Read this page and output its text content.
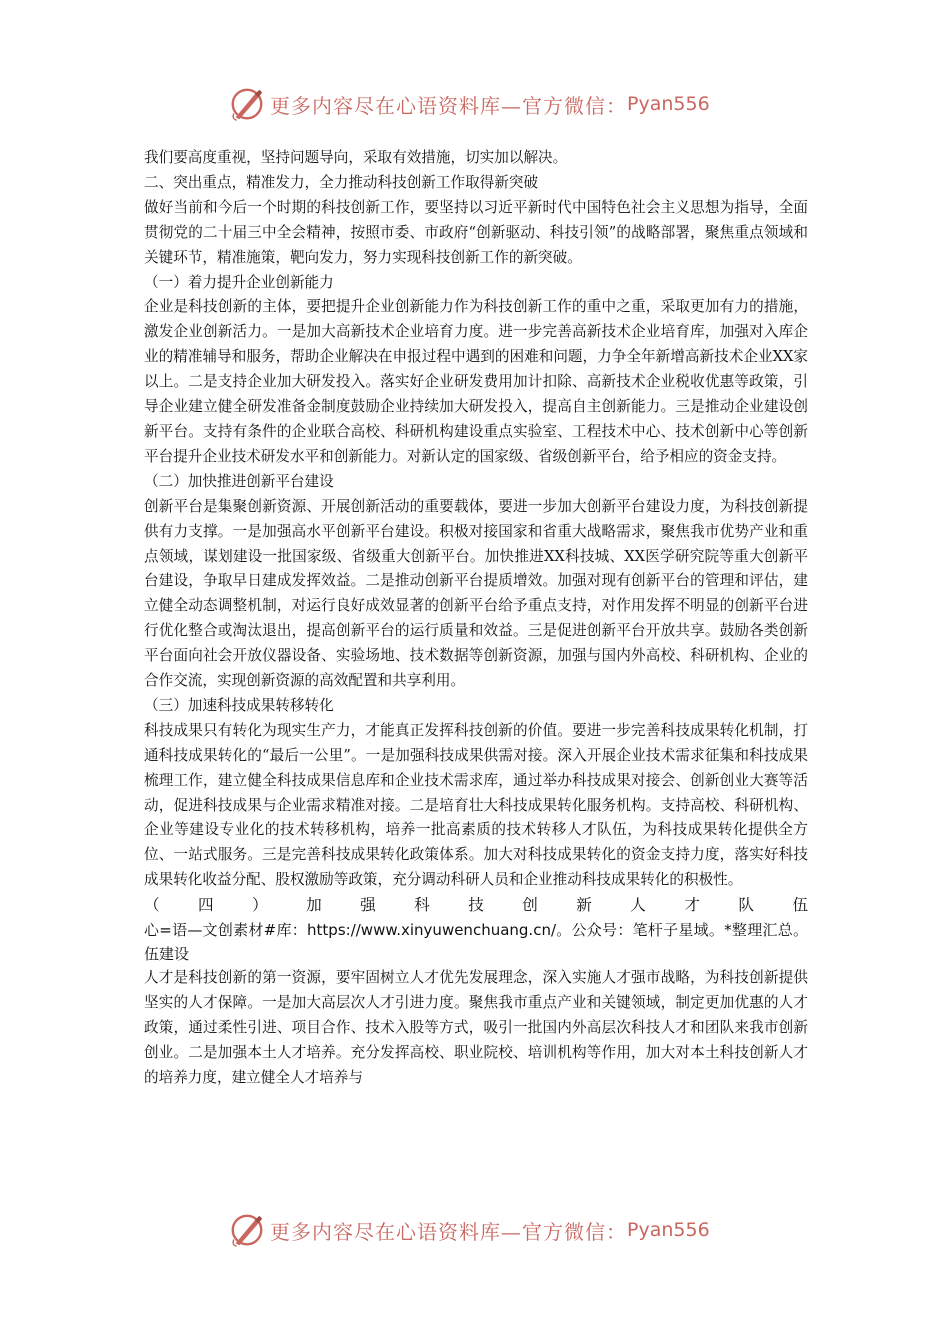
更多内容尽在心语资料库—官方微信： Pyan556

我们要高度重视，坚持问题导向，采取有效措施，切实加以解决。

二、突出重点，精准发力，全力推动科技创新工作取得新突破

做好当前和今后一个时期的科技创新工作，要坚持以习近平新时代中国特色社会主义思想为指导，全面贯彻党的二十届三中全会精神，按照市委、市政府“创新驱动、科技引领”的战略部署，聚焦重点领域和关键环节，精准施策，靶向发力，努力实现科技创新工作的新突破。

（一）着力提升企业创新能力

企业是科技创新的主体，要把提升企业创新能力作为科技创新工作的重中之重，采取更加有力的措施，激发企业创新活力。一是加大高新技术企业培育力度。进一步完善高新技术企业培育库，加强对入库企业的精准辅导和服务，帮助企业解决在申报过程中遇到的困难和问题，力争全年新增高新技术企业XX家以上。二是支持企业加大研发投入。落实好企业研发费用加计扣除、高新技术企业税收优惠等政策，引导企业建立健全研发准备金制度鼓励企业持续加大研发投入，提高自主创新能力。三是推动企业建设创新平台。支持有条件的企业联合高校、科研机构建设重点实验室、工程技术中心、技术创新中心等创新平台提升企业技术研发水平和创新能力。对新认定的国家级、省级创新平台，给予相应的资金支持。

（二）加快推进创新平台建设

创新平台是集聚创新资源、开展创新活动的重要载体，要进一步加大创新平台建设力度，为科技创新提供有力支撑。一是加强高水平创新平台建设。积极对接国家和省重大战略需求，聚焦我市优势产业和重点领域，谋划建设一批国家级、省级重大创新平台。加快推进XX科技城、XX医学研究院等重大创新平台建设，争取早日建成发挥效益。二是推动创新平台提质增效。加强对现有创新平台的管理和评估，建立健全动态调整机制，对运行良好成效显著的创新平台给予重点支持，对作用发挥不明显的创新平台进行优化整合或淘汰退出，提高创新平台的运行质量和效益。三是促进创新平台开放共享。鼓励各类创新平台面向社会开放仪器设备、实验场地、技术数据等创新资源，加强与国内外高校、科研机构、企业的合作交流，实现创新资源的高效配置和共享利用。

（三）加速科技成果转移转化

科技成果只有转化为现实生产力，才能真正发挥科技创新的价值。要进一步完善科技成果转化机制，打通科技成果转化的“最后一公里”。一是加强科技成果供需对接。深入开展企业技术需求征集和科技成果梳理工作，建立健全科技成果信息库和企业技术需求库，通过举办科技成果对接会、创新创业大赛等活动，促进科技成果与企业需求精准对接。二是培育壮大科技成果转化服务机构。支持高校、科研机构、企业等建设专业化的技术转移机构，培养一批高素质的技术转移人才队伍，为科技成果转化提供全方位、一站式服务。三是完善科技成果转化政策体系。加大对科技成果转化的资金支持力度，落实好科技成果转化收益分配、股权激励等政策，充分调动科研人员和企业推动科技成果转化的积极性。

（四）加强科技创新人才队伍

心=语—文创素材#库：https://www.xinyuwenchuang.cn/。公众号：笔杆子星域。*整理汇总。伍建设

人才是科技创新的第一资源，要牢固树立人才优先发展理念，深入实施人才强市战略，为科技创新提供坚实的人才保障。一是加大高层次人才引进力度。聚焦我市重点产业和关键领域，制定更加优惠的人才政策，通过柔性引进、项目合作、技术入股等方式，吸引一批国内外高层次科技人才和团队来我市创新创业。二是加强本土人才培养。充分发挥高校、职业院校、培训机构等作用，加大对本土科技创新人才的培养力度，建立健全人才培养与

更多内容尽在心语资料库—官方微信： Pyan556
